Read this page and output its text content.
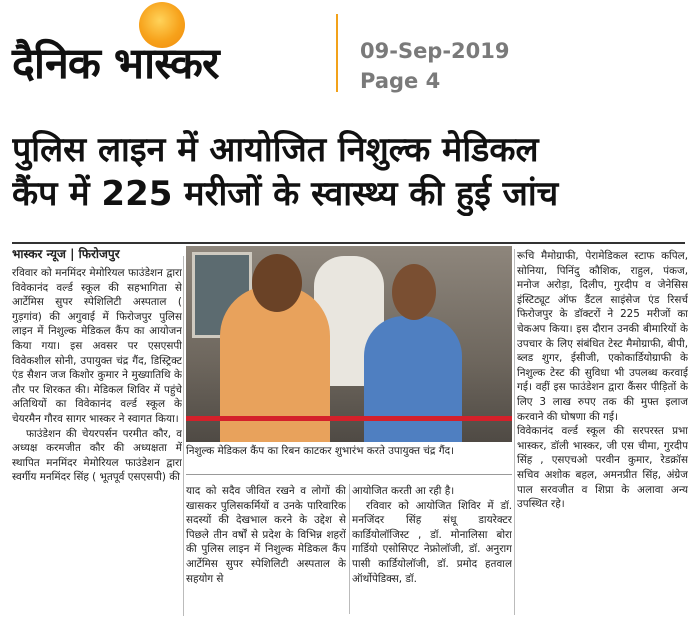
दैनिक भास्कर	09-Sep-2019
Page 4
पुलिस लाइन में आयोजित निशुल्क मेडिकल
कैंप में 225 मरीजों के स्वास्थ्य की हुई जांच
भास्कर न्यूज | फिरोजपुर

रविवार को मनमिंदर मेमोरियल फाउंडेशन द्वारा विवेकानंद वर्ल्ड स्कूल की सहभागिता से आर्टेमिस सुपर स्पेशिलिटी अस्पताल ( गुड़गांव) की अगुवाई में फिरोजपुर पुलिस लाइन में निशुल्क मेडिकल कैंप का आयोजन किया गया। इस अवसर पर एसएसपी विवेकशील सोनी, उपायुक्त चंद्र गैंद, डिस्ट्रिक्ट एंड सैशन जज किशोर कुमार ने मुख्यातिथि के तौर पर शिरकत की। मेडिकल शिविर में पहुंचे अतिथियों का विवेकानंद वर्ल्ड स्कूल के चेयरमैन गौरव सागर भास्कर ने स्वागत किया।

फाउंडेशन की चेयरपर्सन परमीत कौर, व अध्यक्ष करमजीत कौर की अध्यक्षता में स्थापित मनमिंदर मेमोरियल फाउंडेशन द्वारा स्वर्गीय मनमिंदर सिंह ( भूतपूर्व एसएसपी) की

निशुल्क मेडिकल कैंप का रिबन काटकर शुभारंभ करते उपायुक्त चंद्र गैंद।
याद को सदैव जीवित रखने व लोगों की खासकर पुलिसकर्मियों व उनके पारिवारिक सदस्यों की देखभाल करने के उद्देश से पिछले तीन वर्षों से प्रदेश के विभिन्न शहरों की पुलिस लाइन में निशुल्क मेडिकल कैंप आर्टेमिस सुपर स्पेशिलिटी अस्पताल के सहयोग से

आयोजित करती आ रही है।

रविवार को आयोजित शिविर में डॉ. मनजिंदर सिंह संधू डायरेक्टर कार्डियोलॉजिस्ट , डॉ. मोनालिसा बोरा गार्डियो एसोसिएट नेफ्रोलॉजी, डॉ. अनुराग पासी कार्डियोलॉजी, डॉ. प्रमोद हतवाल ऑर्थोपेडिक्स, डॉ.

रूचि मैमोग्राफी, पेरामेडिकल स्टाफ कपिल, सोनिया, पिनिंदु कौशिक, राहुल, पंकज, मनोज अरोड़ा, दिलीप, गुरदीप व जेनेसिस इंस्टिट्यूट ऑफ डैंटल साइंसेज एंड रिसर्च फिरोजपुर के डॉक्टरों ने 225 मरीजों का चेकअप किया। इस दौरान उनकी बीमारियों के उपचार के लिए संबंधित टेस्ट मैमोग्राफी, बीपी, ब्लड शुगर, ईसीजी, एकोकार्डियोग्राफी के निशुल्क टेस्ट की सुविधा भी उपलब्ध करवाई गई। वहीं इस फाउंडेशन द्वारा कैंसर पीड़ितों के लिए 3 लाख रुपए तक की मुफ्त इलाज करवाने की घोषणा की गई।

विवेकानंद वर्ल्ड स्कूल की सरपरस्त प्रभा भास्कर, डॉली भास्कर, जी एस चीमा, गुरदीप सिंह , एसएचओ परवीन कुमार, रेडक्रॉस सचिव अशोक बहल, अमनप्रीत सिंह, अंग्रेज पाल सरवजीत व शिप्रा के अलावा अन्य उपस्थित रहे।
